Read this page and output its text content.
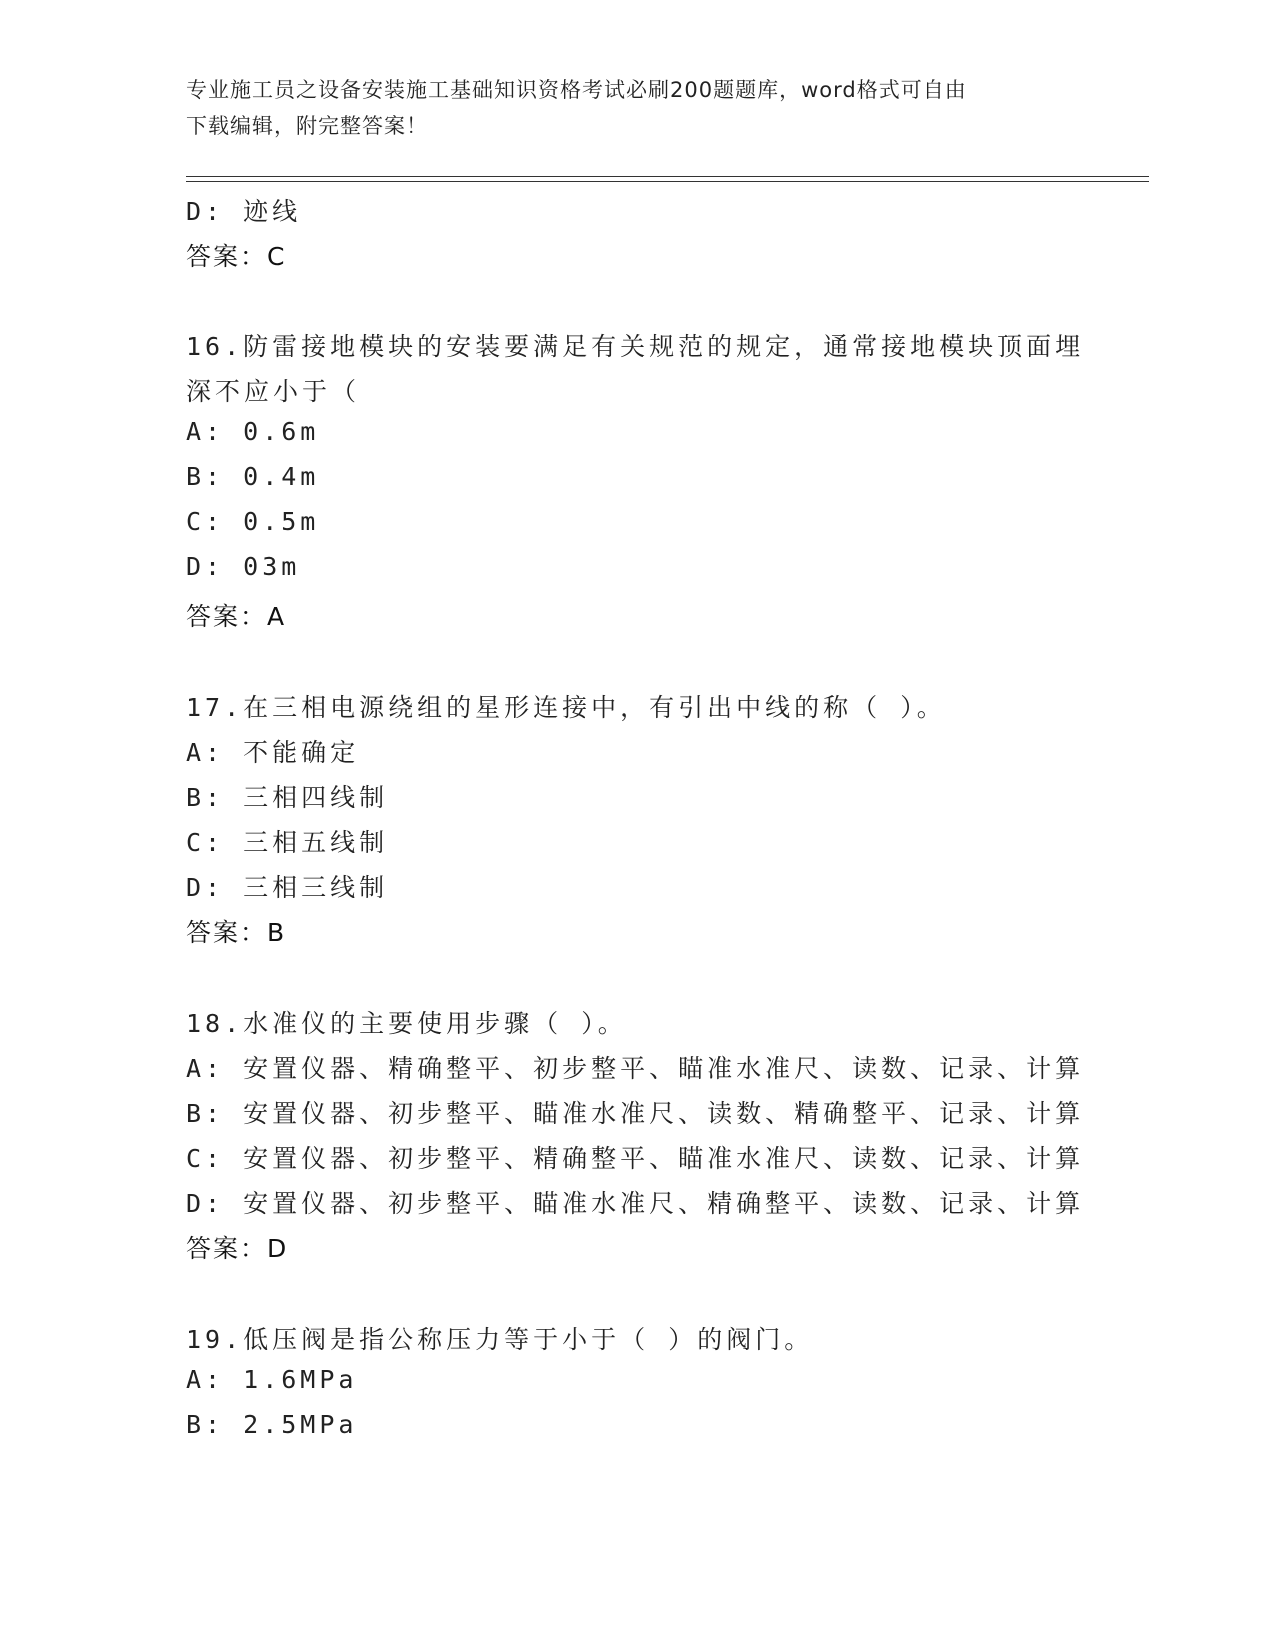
专业施工员之设备安装施工基础知识资格考试必刷200题题库，word格式可自由
下载编辑，附完整答案！
D: 迹线
答案：C
16.防雷接地模块的安装要满足有关规范的规定，通常接地模块顶面埋
深不应小于（
A: 0.6m
B: 0.4m
C: 0.5m
D: 03m
答案：A
17.在三相电源绕组的星形连接中，有引出中线的称（ ）。
A: 不能确定
B: 三相四线制
C: 三相五线制
D: 三相三线制
答案：B
18.水准仪的主要使用步骤（ ）。
A: 安置仪器、精确整平、初步整平、瞄准水准尺、读数、记录、计算
B: 安置仪器、初步整平、瞄准水准尺、读数、精确整平、记录、计算
C: 安置仪器、初步整平、精确整平、瞄准水准尺、读数、记录、计算
D: 安置仪器、初步整平、瞄准水准尺、精确整平、读数、记录、计算
答案：D
19.低压阀是指公称压力等于小于（ ）的阀门。
A: 1.6MPa
B: 2.5MPa
